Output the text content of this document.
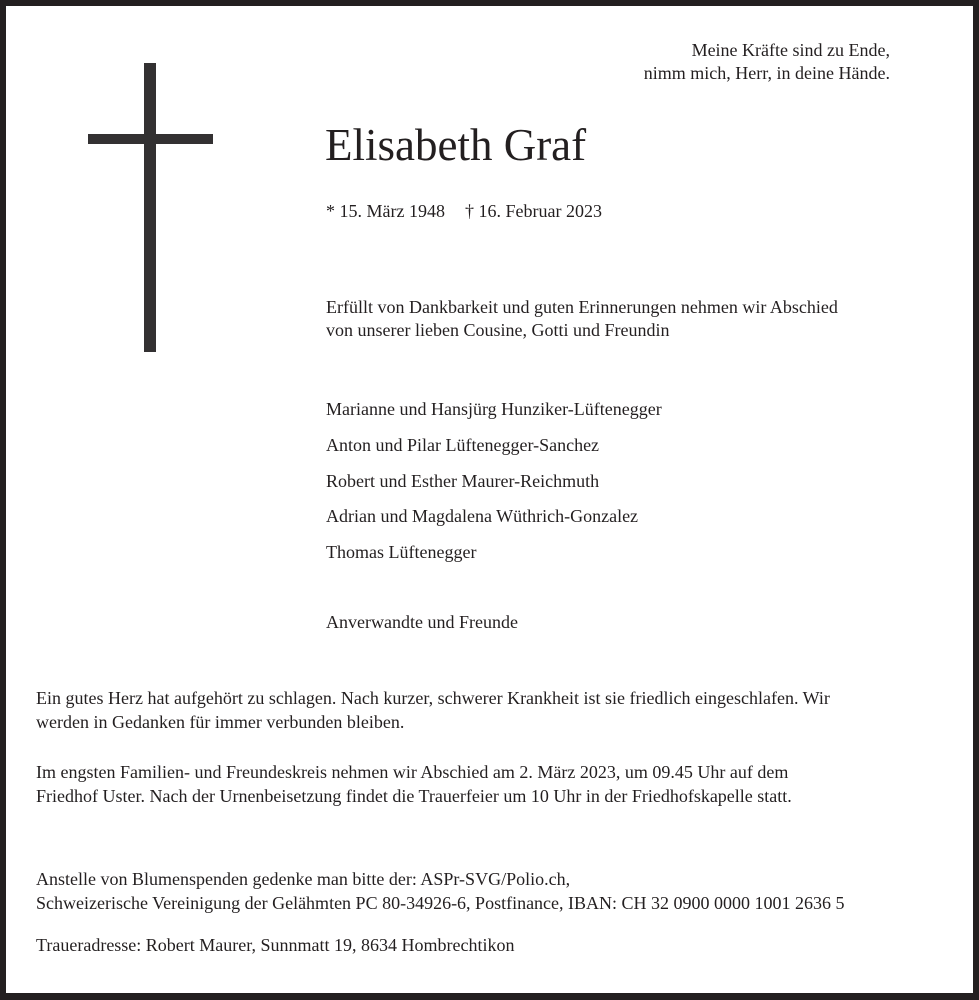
Meine Kräfte sind zu Ende,
nimm mich, Herr, in deine Hände.
Elisabeth Graf
* 15. März 1948 † 16. Februar 2023
Erfüllt von Dankbarkeit und guten Erinnerungen nehmen wir Abschied
von unserer lieben Cousine, Gotti und Freundin
Marianne und Hansjürg Hunziker-Lüftenegger
Anton und Pilar Lüftenegger-Sanchez
Robert und Esther Maurer-Reichmuth
Adrian und Magdalena Wüthrich-Gonzalez
Thomas Lüftenegger
Anverwandte und Freunde
Ein gutes Herz hat aufgehört zu schlagen. Nach kurzer, schwerer Krankheit ist sie friedlich eingeschlafen. Wir
werden in Gedanken für immer verbunden bleiben.
Im engsten Familien- und Freundeskreis nehmen wir Abschied am 2. März 2023, um 09.45 Uhr auf dem
Friedhof Uster. Nach der Urnenbeisetzung findet die Trauerfeier um 10 Uhr in der Friedhofskapelle statt.
Anstelle von Blumenspenden gedenke man bitte der: ASPr-SVG/Polio.ch,
Schweizerische Vereinigung der Gelähmten PC 80-34926-6, Postfinance, IBAN: CH 32 0900 0000 1001 2636 5
Traueradresse: Robert Maurer, Sunnmatt 19, 8634 Hombrechtikon
